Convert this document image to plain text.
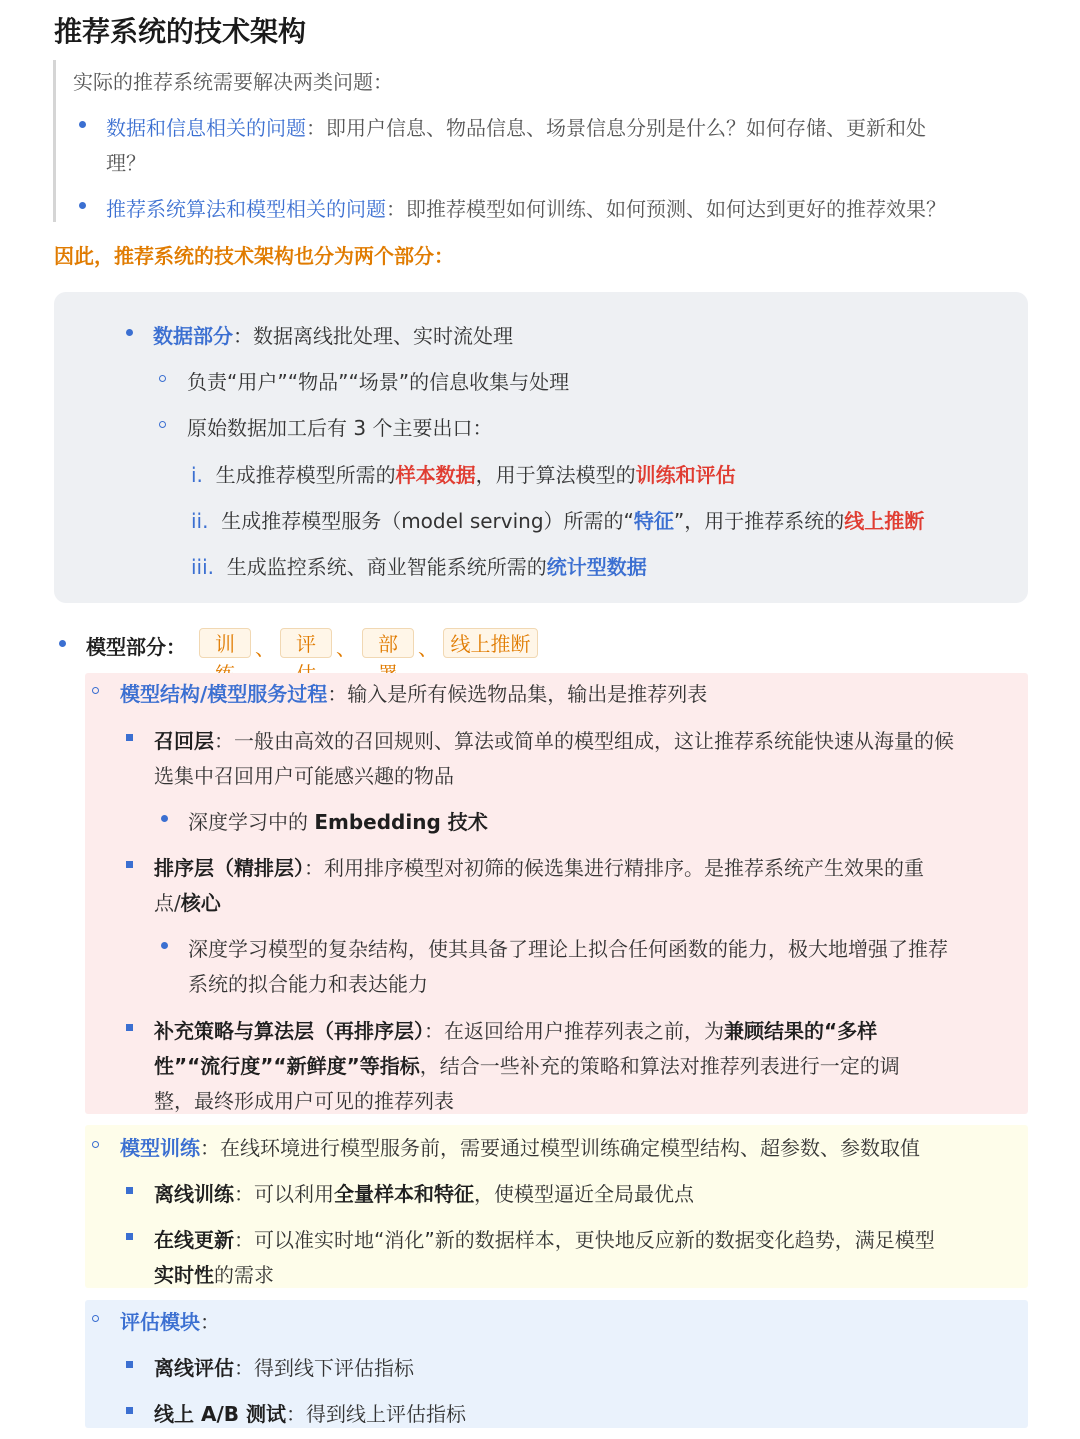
推荐系统的技术架构
实际的推荐系统需要解决两类问题：
数据和信息相关的问题：即用户信息、物品信息、场景信息分别是什么？如何存储、更新和处
理？
推荐系统算法和模型相关的问题：即推荐模型如何训练、如何预测、如何达到更好的推荐效果？
因此，推荐系统的技术架构也分为两个部分：
数据部分：数据离线批处理、实时流处理
负责“用户”“物品”“场景”的信息收集与处理
原始数据加工后有 3 个主要出口：
i. 生成推荐模型所需的样本数据，用于算法模型的训练和评估
ii. 生成推荐模型服务（model serving）所需的“特征”，用于推荐系统的线上推断
iii. 生成监控系统、商业智能系统所需的统计型数据
模型部分：	训	、	评	、	部	、 线上推断
模型结构/模型服务过程：输入是所有候选物品集，输出是推荐列表
召回层：一般由高效的召回规则、算法或简单的模型组成，这让推荐系统能快速从海量的候
选集中召回用户可能感兴趣的物品
深度学习中的 Embedding 技术
排序层（精排层）：利用排序模型对初筛的候选集进行精排序。是推荐系统产生效果的重
点/核心
深度学习模型的复杂结构，使其具备了理论上拟合任何函数的能力，极大地增强了推荐
系统的拟合能力和表达能力
补充策略与算法层（再排序层）：在返回给用户推荐列表之前，为兼顾结果的“多样
性”“流行度”“新鲜度”等指标，结合一些补充的策略和算法对推荐列表进行一定的调
整，最终形成用户可见的推荐列表
模型训练：在线环境进行模型服务前，需要通过模型训练确定模型结构、超参数、参数取值
离线训练：可以利用全量样本和特征，使模型逼近全局最优点
在线更新：可以准实时地“消化”新的数据样本，更快地反应新的数据变化趋势，满足模型
实时性的需求
评估模块：
离线评估：得到线下评估指标
线上 A/B 测试：得到线上评估指标
